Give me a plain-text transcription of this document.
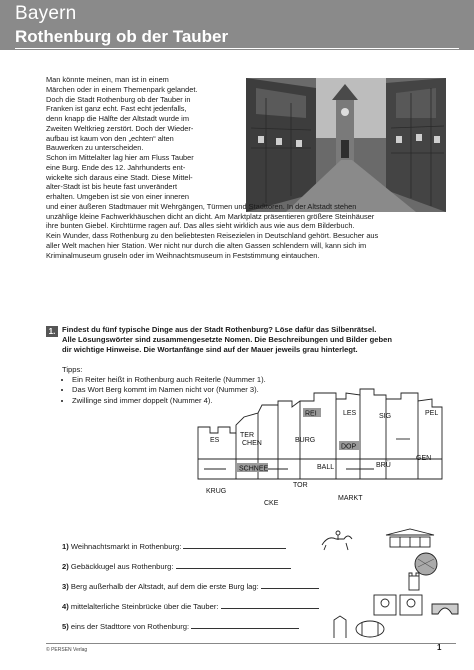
Bayern
Rothenburg ob der Tauber
Man könnte meinen, man ist in einem
Märchen oder in einem Themenpark gelandet.
Doch die Stadt Rothenburg ob der Tauber in
Franken ist ganz echt. Fast echt jedenfalls,
denn knapp die Hälfte der Altstadt wurde im
Zweiten Weltkrieg zerstört. Doch der Wieder-
aufbau ist kaum von den „echten“ alten
Bauwerken zu unterscheiden.
Schon im Mittelalter lag hier am Fluss Tauber
eine Burg. Ende des 12. Jahrhunderts ent-
wickelte sich daraus eine Stadt. Diese Mittel-
alter-Stadt ist bis heute fast unverändert
erhalten. Umgeben ist sie von einer inneren
und einer äußeren Stadtmauer mit Wehrgängen, Türmen und Stadttoren. In der Altstadt stehen
unzählige kleine Fachwerkhäuschen dicht an dicht. Am Marktplatz präsentieren größere Steinhäuser
ihre bunten Giebel. Kirchtürme ragen auf. Das alles sieht wirklich aus wie aus dem Bilderbuch.
Kein Wunder, dass Rothenburg zu den beliebtesten Reisezielen in Deutschland gehört. Besucher aus
aller Welt machen hier Station. Wer nicht nur durch die alten Gassen schlendern will, kann sich im
Kriminalmuseum gruseln oder im Weihnachtsmuseum in Feststimmung eintauchen.
1. Findest du fünf typische Dinge aus der Stadt Rothenburg? Löse dafür das Silbenrätsel.
Alle Lösungswörter sind zusammengesetzte Nomen. Die Beschreibungen und Bilder geben
dir wichtige Hinweise. Die Wortanfänge sind auf der Mauer jeweils grau hinterlegt.
Tipps:
• Ein Reiter heißt in Rothenburg auch Reiterle (Nummer 1).
• Das Wort Berg kommt im Namen nicht vor (Nummer 3).
• Zwillinge sind immer doppelt (Nummer 4).
REI	LES	SIG	PEL
ES
TER
DOP
CHEN	BURG
BRÜ
GEN
SCHNEE	BALL
KRUG
TOR
CKE
MARKT
1) Weihnachtsmarkt in Rothenburg:
2) Gebäckkugel aus Rothenburg:
3) Berg außerhalb der Altstadt, auf dem die erste Burg lag:
4) mittelalterliche Steinbrücke über die Tauber:
5) eins der Stadttore von Rothenburg:
© PERSEN Verlag	1
